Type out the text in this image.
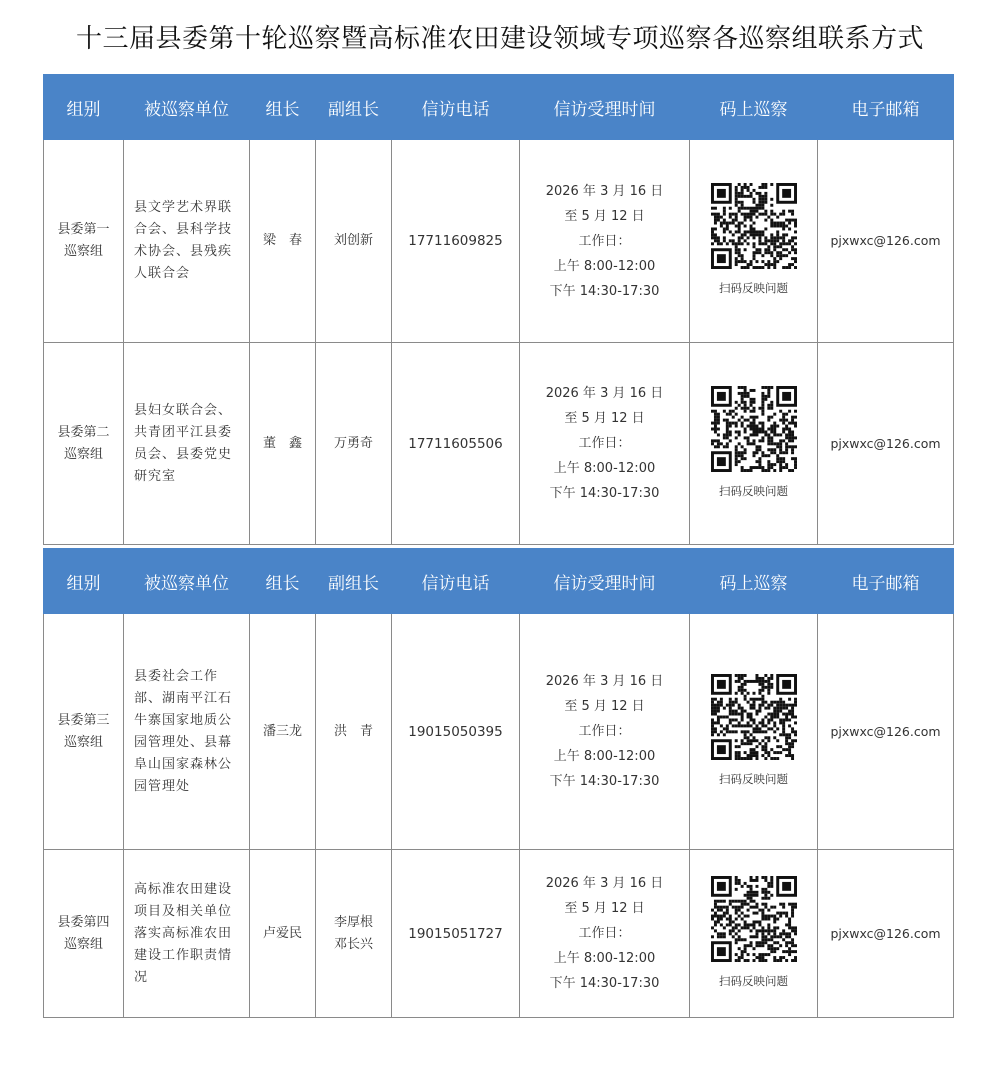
十三届县委第十轮巡察暨高标准农田建设领域专项巡察各巡察组联系方式
组别	被巡察单位	组长	副组长	信访电话	信访受理时间	码上巡察	电子邮箱

县委第一
巡察组	县文学艺术界联合会、县科学技术协会、县残疾人联合会	梁　春	刘创新	17711609825	2026 年 3 月 16 日
至 5 月 12 日
工作日：
上午 8:00-12:00
下午 14:30-17:30	扫码反映问题	pjxwxc@126.com

县委第二
巡察组	县妇女联合会、共青团平江县委员会、县委党史研究室	董　鑫	万勇奇	17711605506	2026 年 3 月 16 日
至 5 月 12 日
工作日：
上午 8:00-12:00
下午 14:30-17:30	扫码反映问题	pjxwxc@126.com
组别	被巡察单位	组长	副组长	信访电话	信访受理时间	码上巡察	电子邮箱

县委第三
巡察组	县委社会工作部、湖南平江石牛寨国家地质公园管理处、县幕阜山国家森林公园管理处	潘三龙	洪　青	19015050395	2026 年 3 月 16 日
至 5 月 12 日
工作日：
上午 8:00-12:00
下午 14:30-17:30	扫码反映问题	pjxwxc@126.com

县委第四
巡察组	高标准农田建设项目及相关单位落实高标准农田建设工作职责情况	卢爱民	李厚根
邓长兴	19015051727	2026 年 3 月 16 日
至 5 月 12 日
工作日：
上午 8:00-12:00
下午 14:30-17:30	扫码反映问题	pjxwxc@126.com
